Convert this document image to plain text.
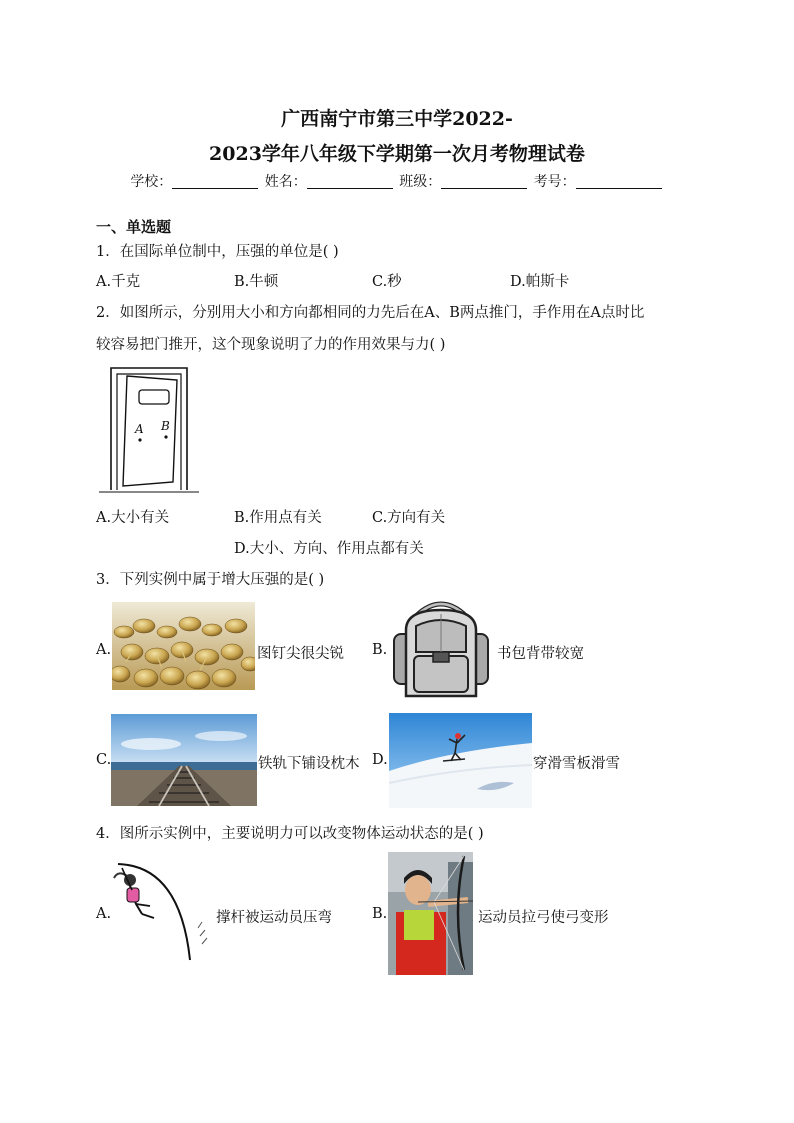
广西南宁市第三中学2022-
2023学年八年级下学期第一次月考物理试卷
学校：	姓名：	班级：	考号：
一、单选题
1．在国际单位制中，压强的单位是( )
A.千克	B.牛顿	C.秒	D.帕斯卡
2．如图所示，分别用大小和方向都相同的力先后在A、B两点推门，手作用在A点时比
较容易把门推开，这个现象说明了力的作用效果与力( )
A B
A.大小有关	B.作用点有关	C.方向有关
D.大小、方向、作用点都有关
3．下列实例中属于增大压强的是( )
A.	图钉尖很尖锐 B.	书包背带较宽
C.	铁轨下铺设枕木 D.	穿滑雪板滑雪
4．图所示实例中，主要说明力可以改变物体运动状态的是( )
A.	撑杆被运动员压弯	B.	运动员拉弓使弓变形
